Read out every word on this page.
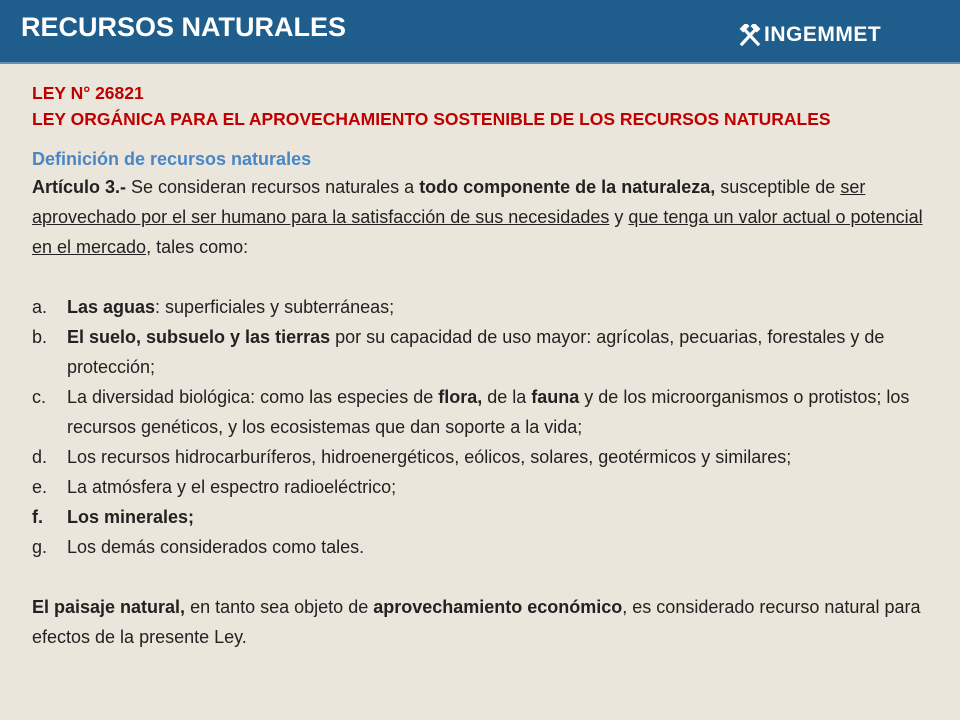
RECURSOS NATURALES	INGEMMET
LEY N° 26821
LEY ORGÁNICA PARA EL APROVECHAMIENTO SOSTENIBLE DE LOS RECURSOS NATURALES
Definición de recursos naturales
Artículo 3.- Se consideran recursos naturales a todo componente de la naturaleza, susceptible de ser aprovechado por el ser humano para la satisfacción de sus necesidades y que tenga un valor actual o potencial en el mercado, tales como:
a.	Las aguas: superficiales y subterráneas;
b.	El suelo, subsuelo y las tierras por su capacidad de uso mayor: agrícolas, pecuarias, forestales y de protección;
c.	La diversidad biológica: como las especies de flora, de la fauna y de los microorganismos o protistos; los recursos genéticos, y los ecosistemas que dan soporte a la vida;
d.	Los recursos hidrocarburíferos, hidroenergéticos, eólicos, solares, geotérmicos y similares;
e.	La atmósfera y el espectro radioeléctrico;
f.	Los minerales;
g.	Los demás considerados como tales.
El paisaje natural, en tanto sea objeto de aprovechamiento económico, es considerado recurso natural para efectos de la presente Ley.
